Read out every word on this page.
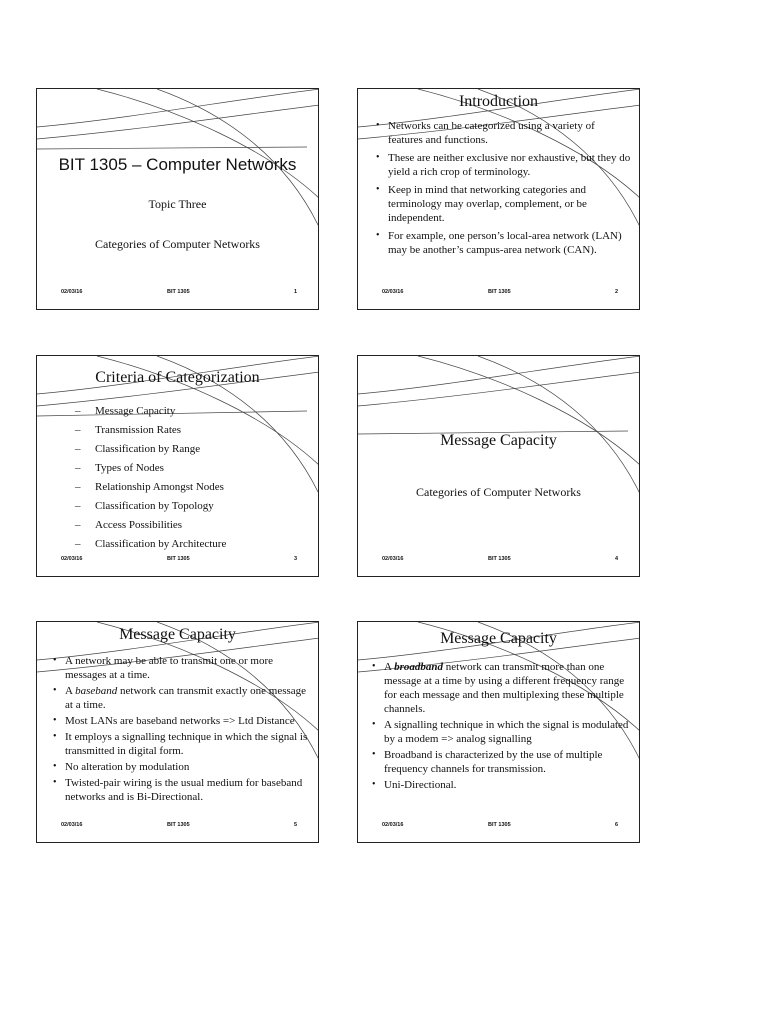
BIT 1305 – Computer Networks
Topic Three
Categories of Computer Networks
02/03/16	BIT 1305	1
Introduction
• Networks can be categorized using a variety of features and functions.
• These are neither exclusive nor exhaustive, but they do yield a rich crop of terminology.
• Keep in mind that networking categories and terminology may overlap, complement, or be independent.
• For example, one person’s local-area network (LAN) may be another’s campus-area network (CAN).
02/03/16	BIT 1305	2
Criteria of Categorization
– Message Capacity
– Transmission Rates
– Classification by Range
– Types of Nodes
– Relationship Amongst Nodes
– Classification by Topology
– Access Possibilities
– Classification by Architecture
02/03/16	BIT 1305	3
Message Capacity
Categories of Computer Networks
02/03/16	BIT 1305	4
Message Capacity
• A network may be able to transmit one or more messages at a time.
• A baseband network can transmit exactly one message at a time.
• Most LANs are baseband networks => Ltd Distance
• It employs a signalling technique in which the signal is transmitted in digital form.
• No alteration by modulation
• Twisted-pair wiring is the usual medium for baseband networks and is Bi-Directional.
02/03/16	BIT 1305	5
Message Capacity
• A broadband network can transmit more than one message at a time by using a different frequency range for each message and then multiplexing these multiple channels.
• A signalling technique in which the signal is modulated by a modem => analog signalling
• Broadband is characterized by the use of multiple frequency channels for transmission.
• Uni-Directional.
02/03/16	BIT 1305	6
